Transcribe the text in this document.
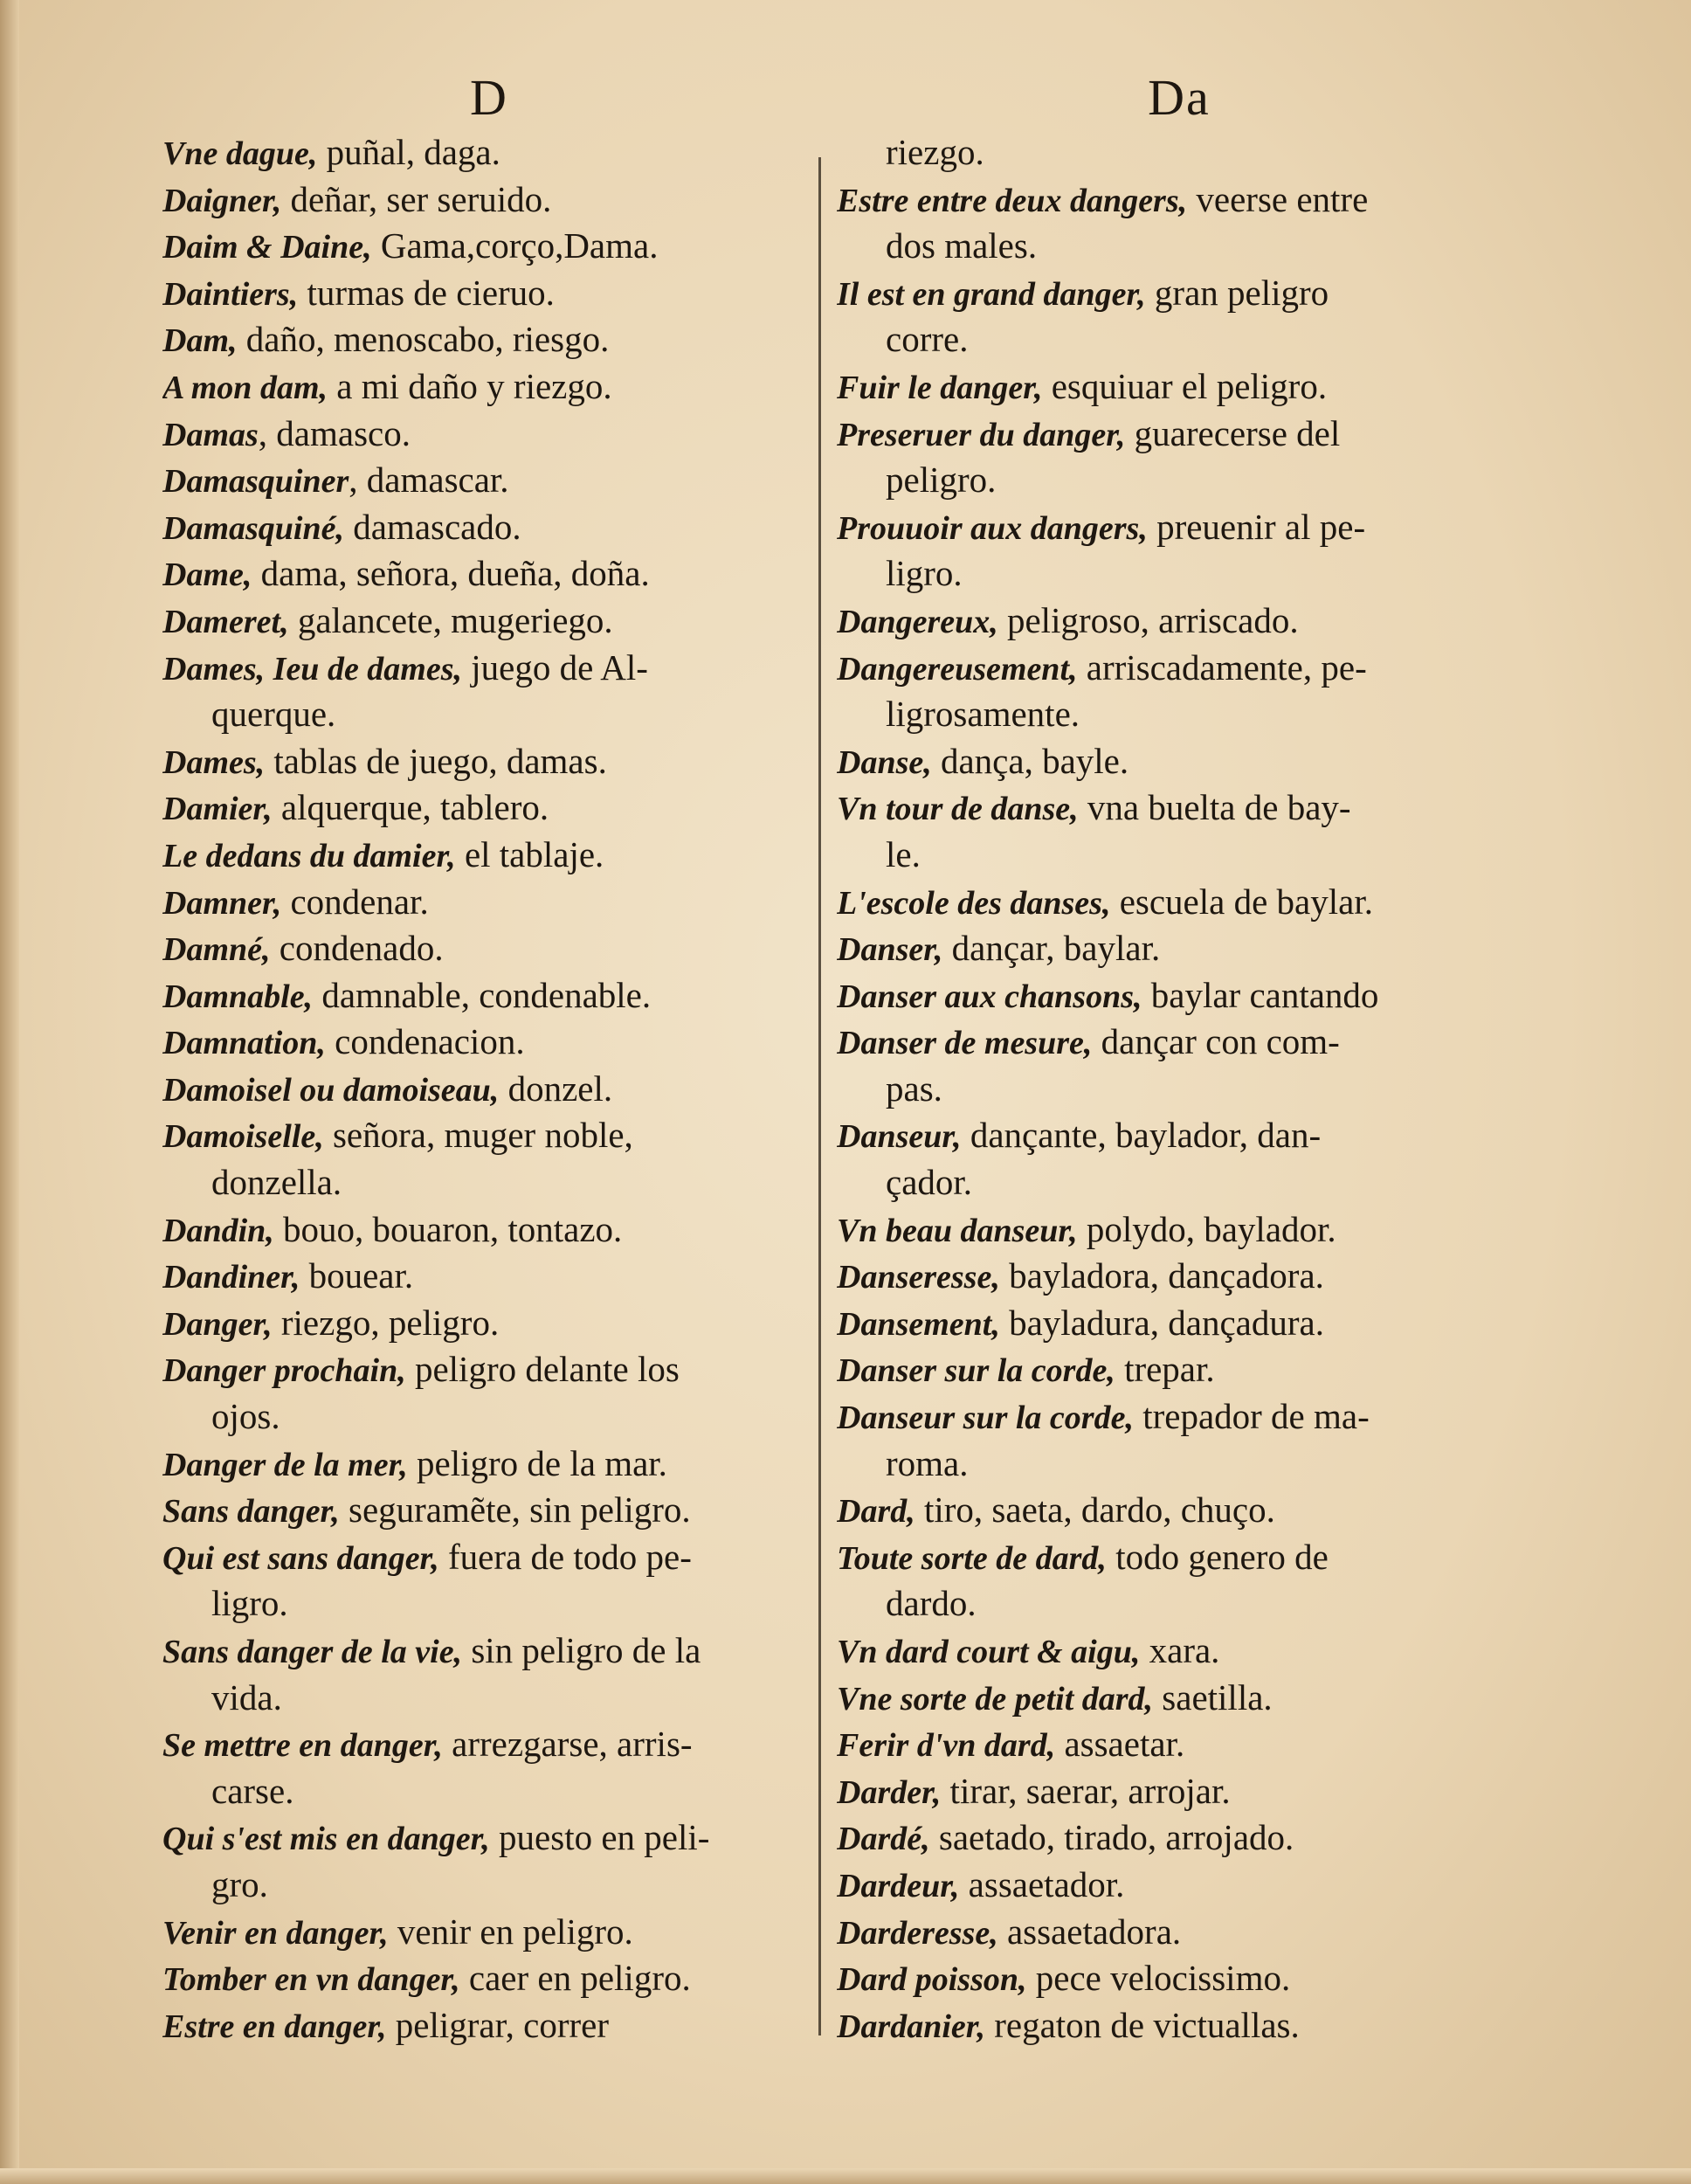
D	Da
Vne dague, puñal, daga.
Daigner, deñar, ser seruido.
Daim & Daine, Gama,corço,Dama.
Daintiers, turmas de cieruo.
Dam, daño, menoscabo, riesgo.
A mon dam, a mi daño y riezgo.
Damas, damasco.
Damasquiner, damascar.
Damasquiné, damascado.
Dame, dama, señora, dueña, doña.
Dameret, galancete, mugeriego.
Dames, Ieu de dames, juego de Al-
querque.
Dames, tablas de juego, damas.
Damier, alquerque, tablero.
Le dedans du damier, el tablaje.
Damner, condenar.
Damné, condenado.
Damnable, damnable, condenable.
Damnation, condenacion.
Damoisel ou damoiseau, donzel.
Damoiselle, señora, muger noble,
donzella.
Dandin, bouo, bouaron, tontazo.
Dandiner, bouear.
Danger, riezgo, peligro.
Danger prochain, peligro delante los
ojos.
Danger de la mer, peligro de la mar.
Sans danger, seguramẽte, sin peligro.
Qui est sans danger, fuera de todo pe-
ligro.
Sans danger de la vie, sin peligro de la
vida.
Se mettre en danger, arrezgarse, arris-
carse.
Qui s'est mis en danger, puesto en peli-
gro.
Venir en danger, venir en peligro.
Tomber en vn danger, caer en peligro.
Estre en danger, peligrar, correr
riezgo.
Estre entre deux dangers, veerse entre
dos males.
Il est en grand danger, gran peligro
corre.
Fuir le danger, esquiuar el peligro.
Preseruer du danger, guarecerse del
peligro.
Prouuoir aux dangers, preuenir al pe-
ligro.
Dangereux, peligroso, arriscado.
Dangereusement, arriscadamente, pe-
ligrosamente.
Danse, dança, bayle.
Vn tour de danse, vna buelta de bay-
le.
L'escole des danses, escuela de baylar.
Danser, dançar, baylar.
Danser aux chansons, baylar cantando
Danser de mesure, dançar con com-
pas.
Danseur, dançante, baylador, dan-
çador.
Vn beau danseur, polydo, baylador.
Danseresse, bayladora, dançadora.
Dansement, bayladura, dançadura.
Danser sur la corde, trepar.
Danseur sur la corde, trepador de ma-
roma.
Dard, tiro, saeta, dardo, chuço.
Toute sorte de dard, todo genero de
dardo.
Vn dard court & aigu, xara.
Vne sorte de petit dard, saetilla.
Ferir d'vn dard, assaetar.
Darder, tirar, saerar, arrojar.
Dardé, saetado, tirado, arrojado.
Dardeur, assaetador.
Darderesse, assaetadora.
Dard poisson, pece velocissimo.
Dardanier, regaton de victuallas.
